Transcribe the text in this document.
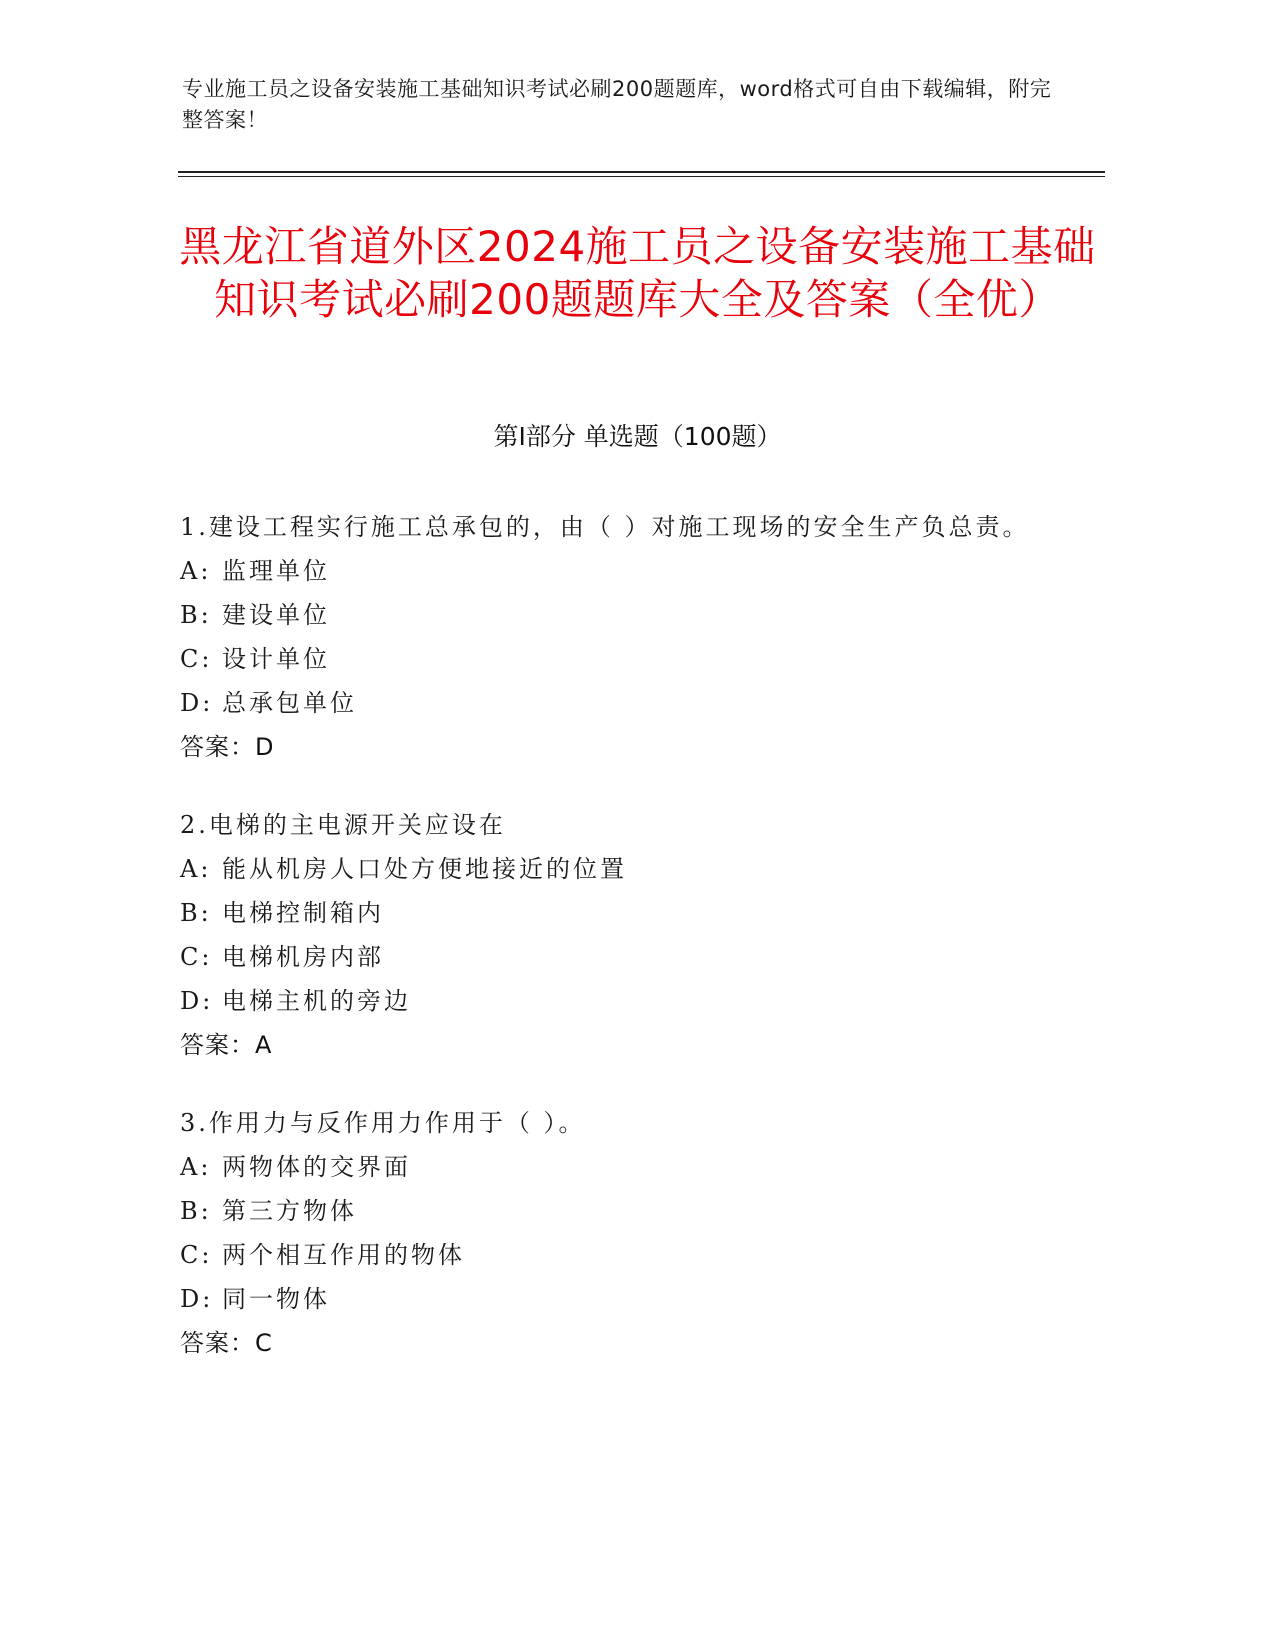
专业施工员之设备安装施工基础知识考试必刷200题题库，word格式可自由下载编辑，附完整答案！
黑龙江省道外区2024施工员之设备安装施工基础知识考试必刷200题题库大全及答案（全优）
第Ⅰ部分 单选题（100题）
1.建设工程实行施工总承包的，由（ ）对施工现场的安全生产负总责。
A: 监理单位
B: 建设单位
C: 设计单位
D: 总承包单位
答案：D
2.电梯的主电源开关应设在
A: 能从机房人口处方便地接近的位置
B: 电梯控制箱内
C: 电梯机房内部
D: 电梯主机的旁边
答案：A
3.作用力与反作用力作用于（ ）。
A: 两物体的交界面
B: 第三方物体
C: 两个相互作用的物体
D: 同一物体
答案：C
